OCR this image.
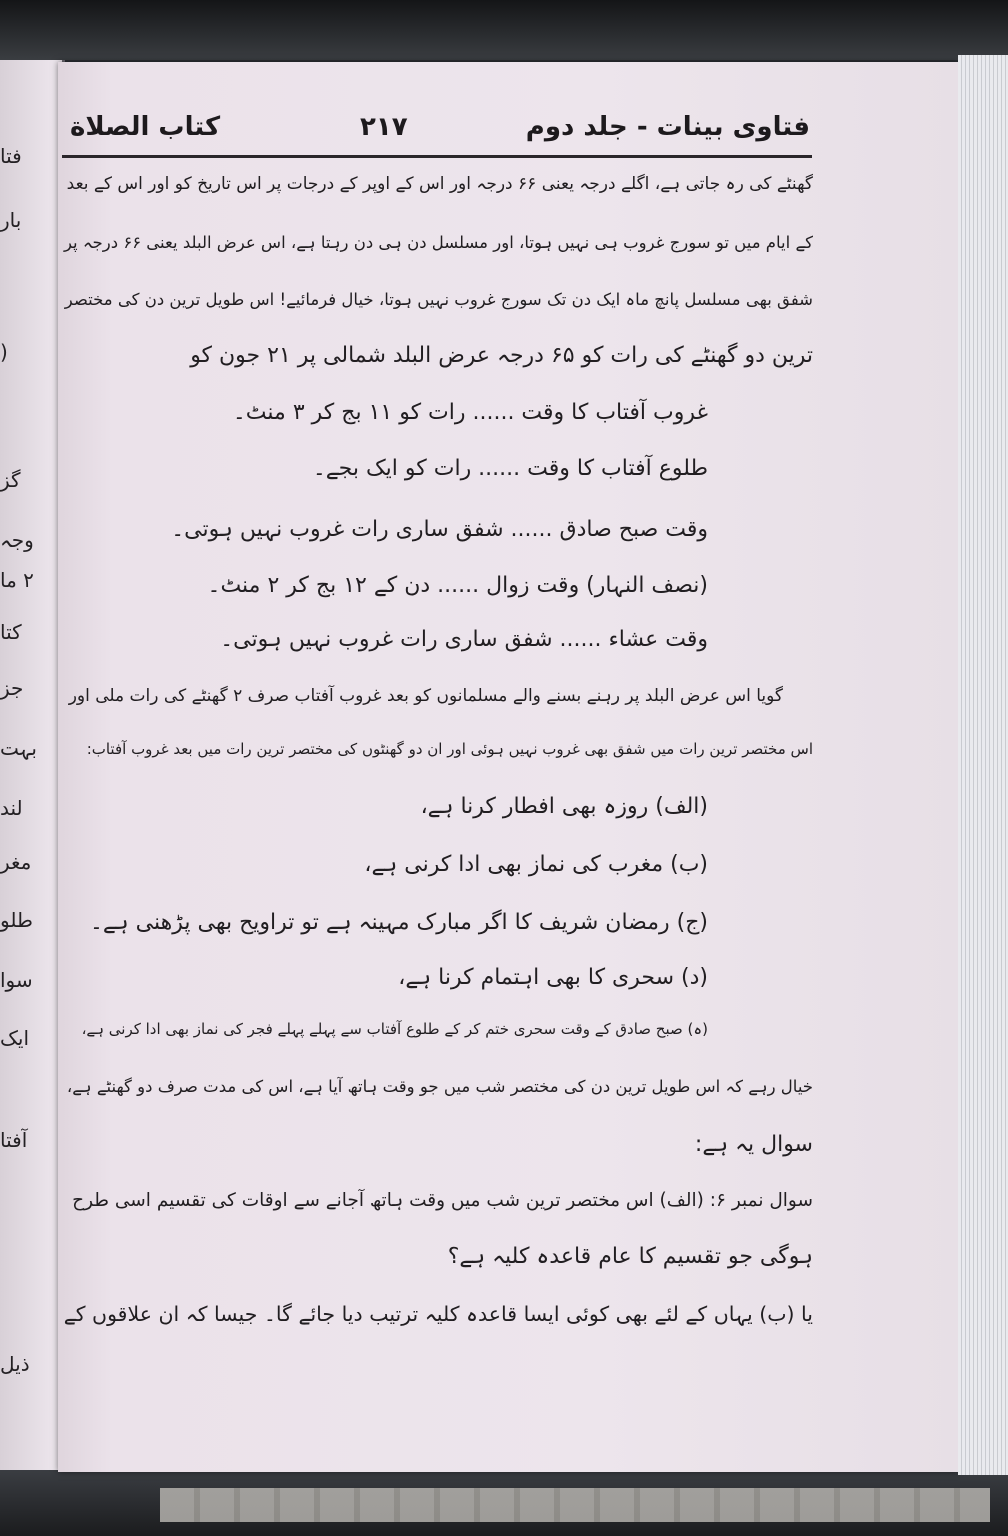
فتا
بار
(
گز
وجہ
۲ ما
کتا
جز
بہت
لند
مغر
طلو
سوا
ایک
آفتا
ذیل
فتاوی بینات - جلد دوم
۲۱۷
کتاب الصلاة
گھنٹے کی رہ جاتی ہے، اگلے درجہ یعنی ۶۶ درجہ اور اس کے اوپر کے درجات پر اس تاریخ کو اور اس کے بعد
کے ایام میں تو سورج غروب ہی نہیں ہوتا، اور مسلسل دن ہی دن رہتا ہے، اس عرض البلد یعنی ۶۶ درجہ پر
شفق بھی مسلسل پانچ ماہ ایک دن تک سورج غروب نہیں ہوتا، خیال فرمائیے! اس طویل ترین دن کی مختصر
ترین دو گھنٹے کی رات کو ۶۵ درجہ عرض البلد شمالی پر ۲۱ جون کو
غروب آفتاب کا وقت ...... رات کو ۱۱ بج کر ۳ منٹ۔
طلوع آفتاب کا وقت ...... رات کو ایک بجے۔
وقت صبح صادق ...... شفق ساری رات غروب نہیں ہوتی۔
(نصف النہار) وقت زوال ...... دن کے ۱۲ بج کر ۲ منٹ۔
وقت عشاء ...... شفق ساری رات غروب نہیں ہوتی۔
گویا اس عرض البلد پر رہنے بسنے والے مسلمانوں کو بعد غروب آفتاب صرف ۲ گھنٹے کی رات ملی اور
اس مختصر ترین رات میں شفق بھی غروب نہیں ہوئی اور ان دو گھنٹوں کی مختصر ترین رات میں بعد غروب آفتاب:
(الف) روزہ بھی افطار کرنا ہے،
(ب) مغرب کی نماز بھی ادا کرنی ہے،
(ج) رمضان شریف کا اگر مبارک مہینہ ہے تو تراویح بھی پڑھنی ہے۔
(د) سحری کا بھی اہتمام کرنا ہے،
(ہ) صبح صادق کے وقت سحری ختم کر کے طلوع آفتاب سے پہلے پہلے فجر کی نماز بھی ادا کرنی ہے،
خیال رہے کہ اس طویل ترین دن کی مختصر شب میں جو وقت ہاتھ آیا ہے، اس کی مدت صرف دو گھنٹے ہے،
سوال یہ ہے:
سوال نمبر ۶: (الف) اس مختصر ترین شب میں وقت ہاتھ آجانے سے اوقات کی تقسیم اسی طرح
ہوگی جو تقسیم کا عام قاعدہ کلیہ ہے؟
یا (ب) یہاں کے لئے بھی کوئی ایسا قاعدہ کلیہ ترتیب دیا جائے گا۔ جیسا کہ ان علاقوں کے
